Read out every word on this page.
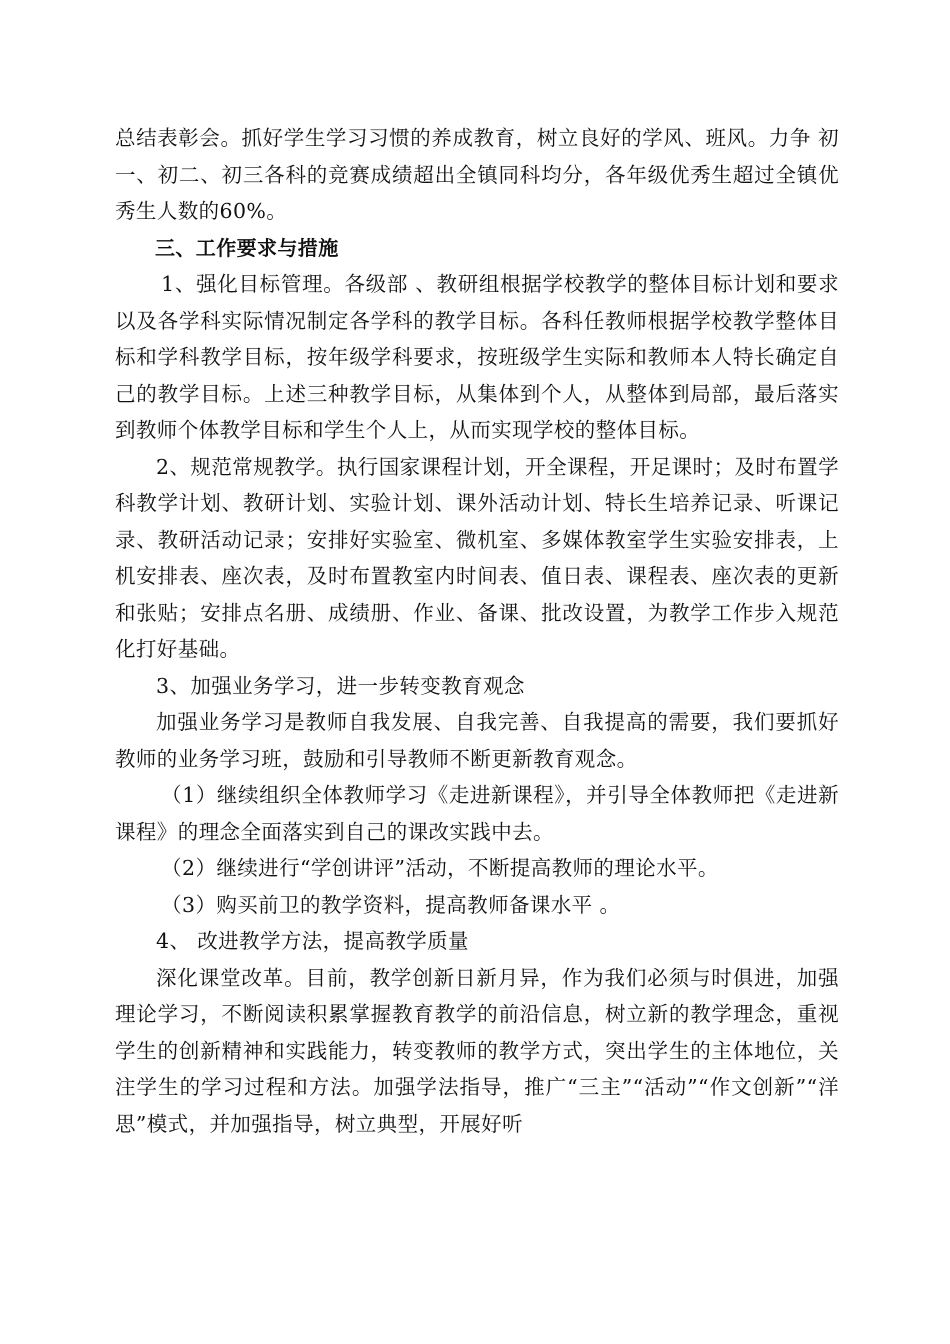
总结表彰会。抓好学生学习习惯的养成教育，树立良好的学风、班风。力争 初一、初二、初三各科的竞赛成绩超出全镇同科均分，各年级优秀生超过全镇优秀生人数的60%。

三、工作要求与措施

1、强化目标管理。各级部 、教研组根据学校教学的整体目标计划和要求以及各学科实际情况制定各学科的教学目标。各科任教师根据学校教学整体目标和学科教学目标，按年级学科要求，按班级学生实际和教师本人特长确定自己的教学目标。上述三种教学目标，从集体到个人，从整体到局部，最后落实到教师个体教学目标和学生个人上，从而实现学校的整体目标。

2、规范常规教学。执行国家课程计划，开全课程，开足课时；及时布置学科教学计划、教研计划、实验计划、课外活动计划、特长生培养记录、听课记录、教研活动记录；安排好实验室、微机室、多媒体教室学生实验安排表，上机安排表、座次表，及时布置教室内时间表、值日表、课程表、座次表的更新和张贴；安排点名册、成绩册、作业、备课、批改设置，为教学工作步入规范化打好基础。

3、加强业务学习，进一步转变教育观念

加强业务学习是教师自我发展、自我完善、自我提高的需要，我们要抓好教师的业务学习班，鼓励和引导教师不断更新教育观念。

（1）继续组织全体教师学习《走进新课程》，并引导全体教师把《走进新课程》的理念全面落实到自己的课改实践中去。

（2）继续进行“学创讲评”活动，不断提高教师的理论水平。

（3）购买前卫的教学资料，提高教师备课水平 。

4、 改进教学方法，提高教学质量

深化课堂改革。目前，教学创新日新月异，作为我们必须与时俱进，加强理论学习，不断阅读积累掌握教育教学的前沿信息，树立新的教学理念，重视学生的创新精神和实践能力，转变教师的教学方式，突出学生的主体地位，关注学生的学习过程和方法。加强学法指导，推广“三主”“活动”“作文创新”“洋思”模式，并加强指导，树立典型，开展好听
